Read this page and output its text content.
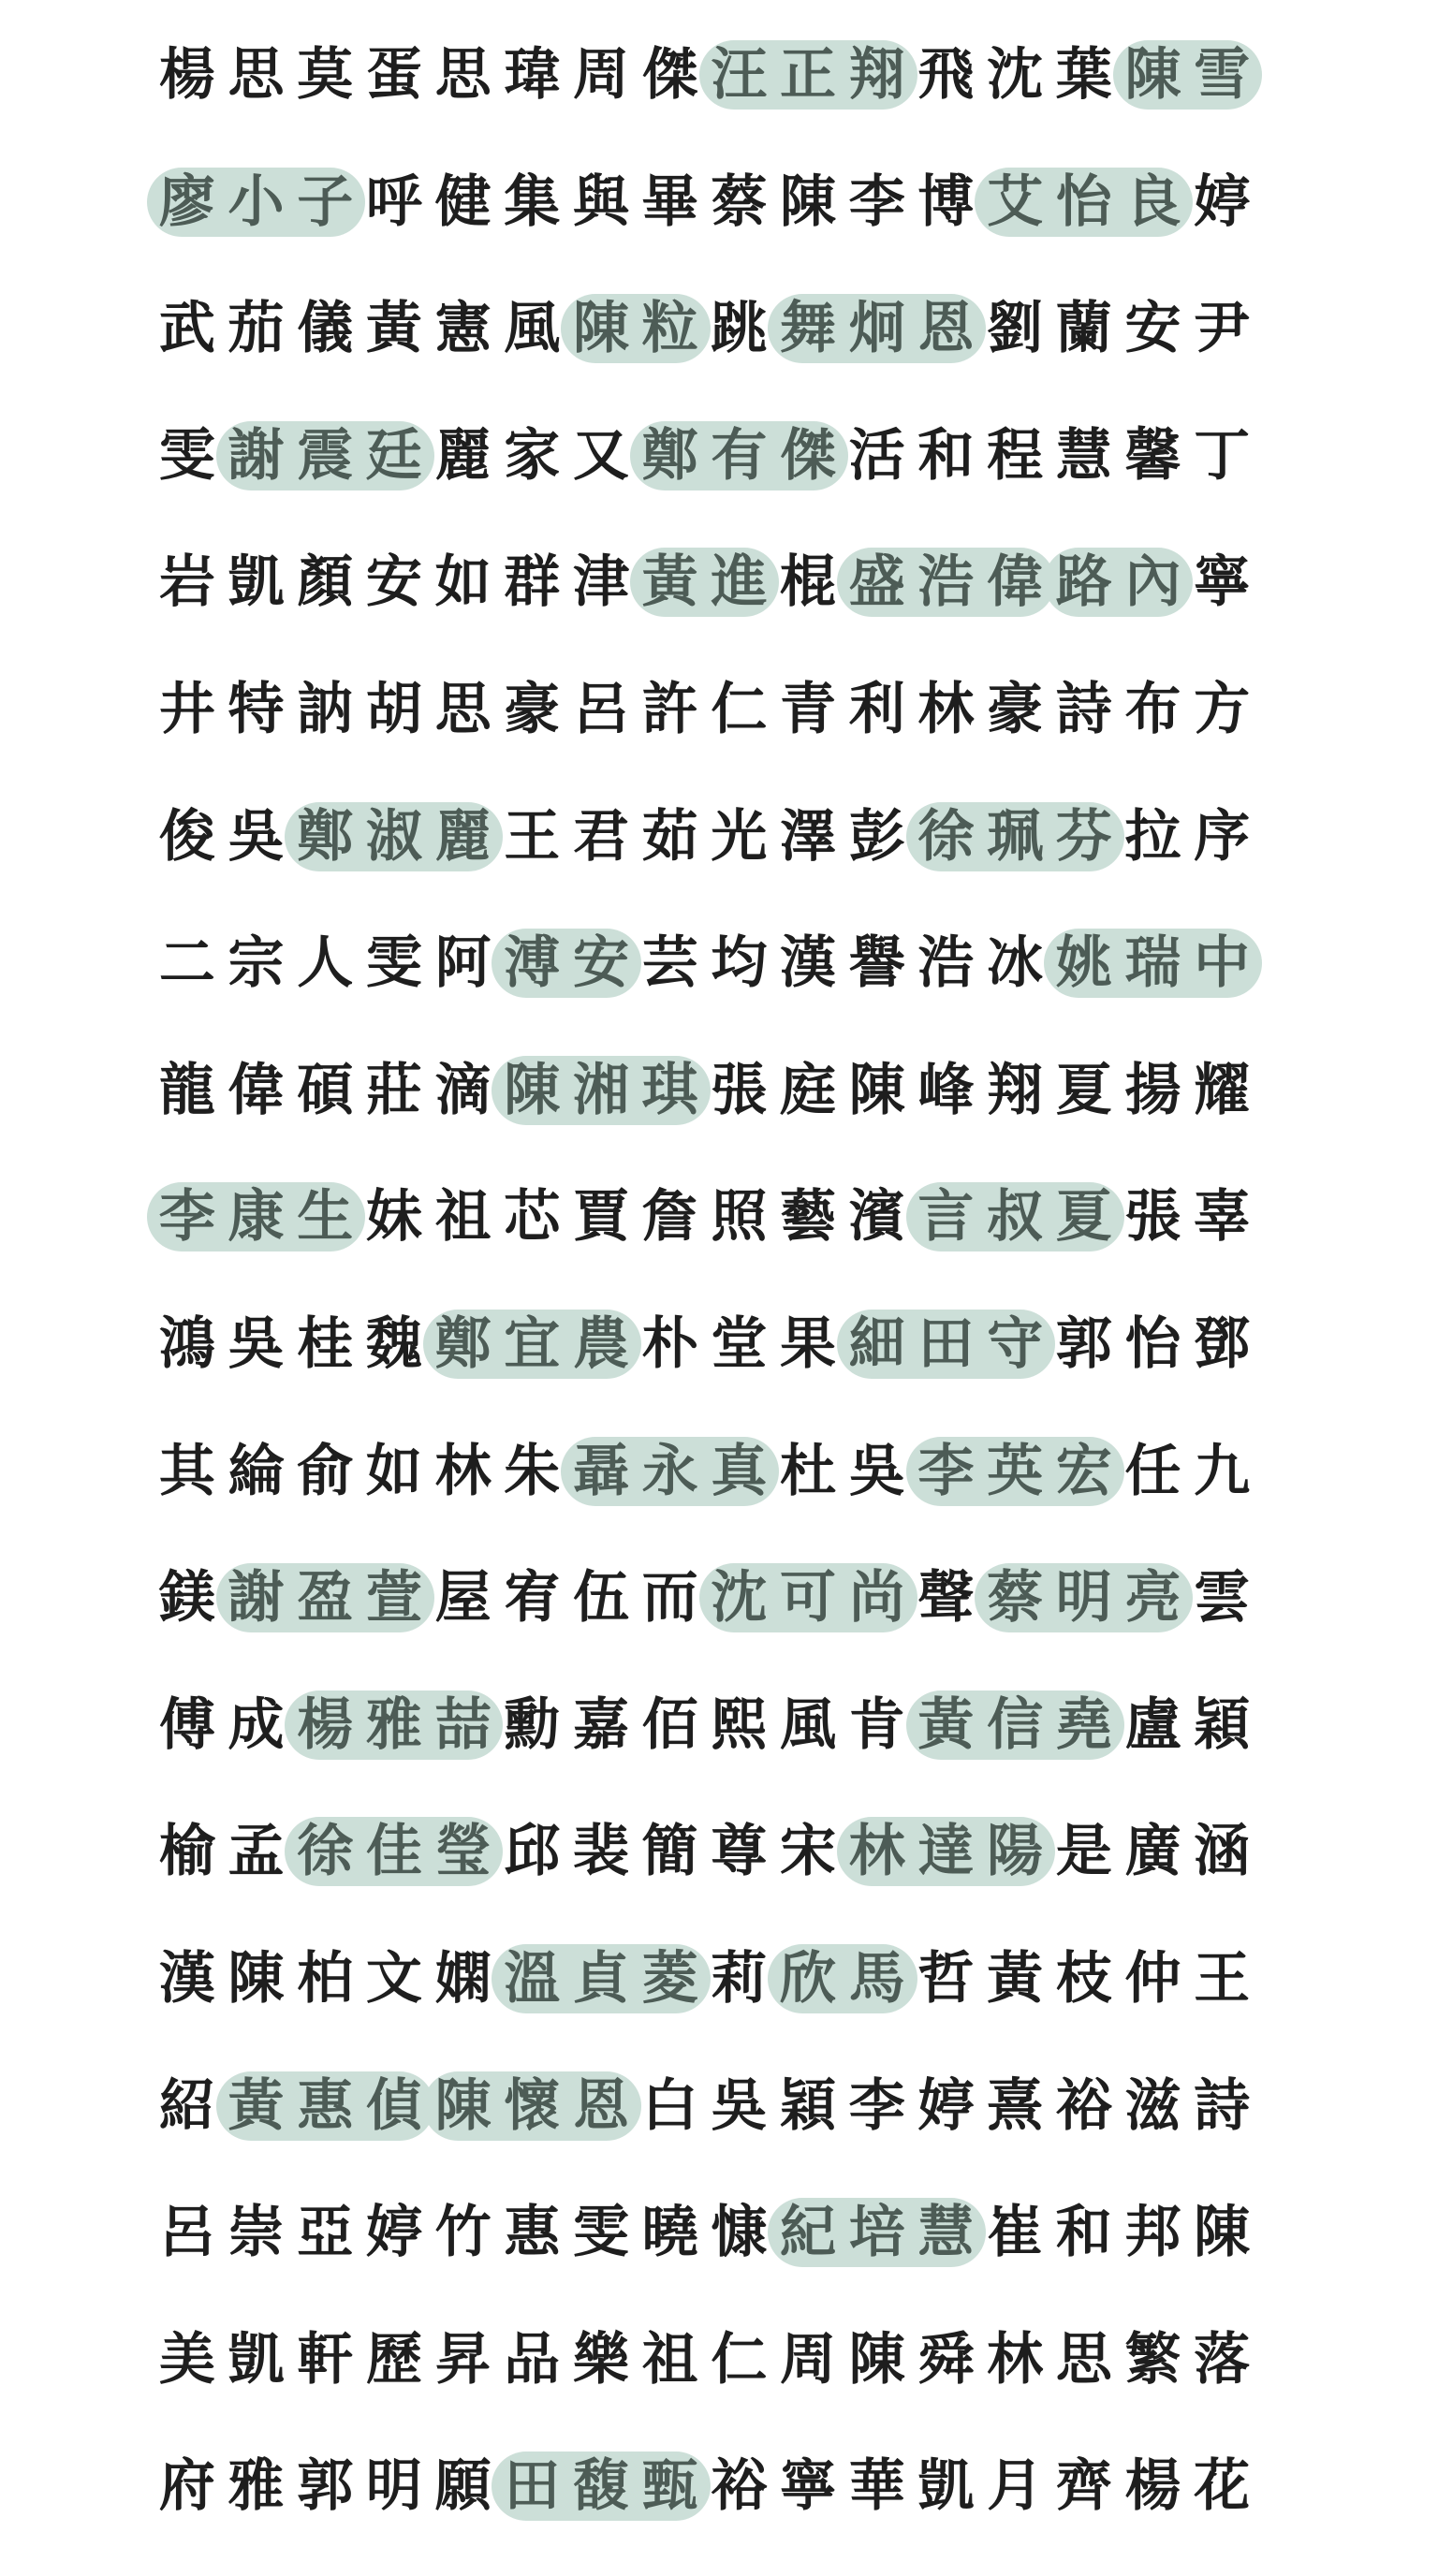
楊 思 莫 蛋 思 瑋 周 傑 汪 正 翔 飛 沈 葉 陳 雪
廖 小 子 呼 健 集 與 畢 蔡 陳 李 博 艾 怡 良 婷
武 茄 儀 黃 憲 風 陳 粒 跳 舞 炯 恩 劉 蘭 安 尹
雯 謝 震 廷 麗 家 又 鄭 有 傑 活 和 程 慧 馨 丁
岩 凱 顏 安 如 群 津 黃 進 棍 盛 浩 偉 路 內 寧
井 特 訥 胡 思 豪 呂 許 仁 青 利 林 豪 詩 布 方
俊 吳 鄭 淑 麗 王 君 茹 光 澤 彭 徐 珮 芬 拉 序
二 宗 人 雯 阿 溥 安 芸 均 漢 譽 浩 冰 姚 瑞 中
龍 偉 碩 莊 滴 陳 湘 琪 張 庭 陳 峰 翔 夏 揚 耀
李 康 生 妹 祖 芯 賈 詹 照 藝 濱 言 叔 夏 張 辜
鴻 吳 桂 魏 鄭 宜 農 朴 堂 果 細 田 守 郭 怡 鄧
其 綸 俞 如 林 朱 聶 永 真 杜 吳 李 英 宏 任 九
鎂 謝 盈 萱 屋 宥 伍 而 沈 可 尚 聲 蔡 明 亮 雲
傅 成 楊 雅 喆 勳 嘉 佰 熙 風 肯 黃 信 堯 盧 穎
榆 孟 徐 佳 瑩 邱 裴 簡 尊 宋 林 達 陽 是 廣 涵
漢 陳 柏 文 嫻 溫 貞 菱 莉 欣 馬 哲 黃 枝 仲 王
紹 黃 惠 偵 陳 懷 恩 白 吳 穎 李 婷 熹 裕 滋 詩
呂 崇 亞 婷 竹 惠 雯 曉 慷 紀 培 慧 崔 和 邦 陳
美 凱 軒 歷 昇 品 樂 祖 仁 周 陳 舜 林 思 繁 落
府 雅 郭 明 願 田 馥 甄 裕 寧 華 凱 月 齊 楊 花
